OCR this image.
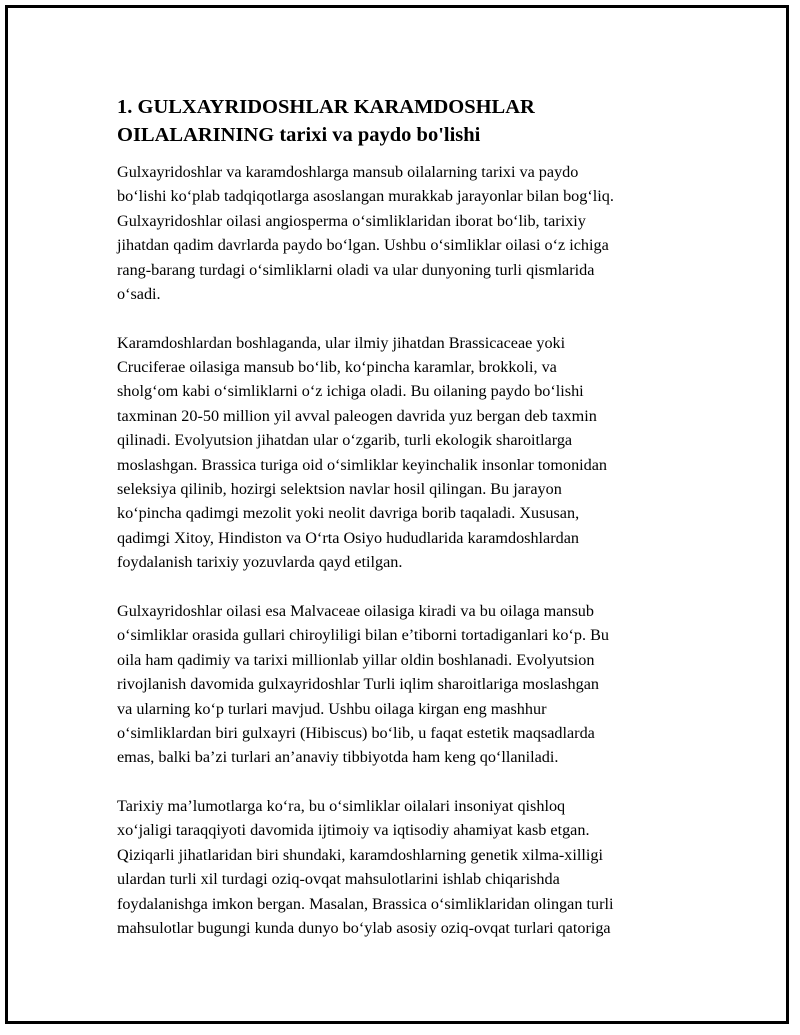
1. GULXAYRIDOSHLAR KARAMDOSHLAR
OILALARINING tarixi va paydo bo'lishi

Gulxayridoshlar va karamdoshlarga mansub oilalarning tarixi va paydo
bo‘lishi ko‘plab tadqiqotlarga asoslangan murakkab jarayonlar bilan bog‘liq.
Gulxayridoshlar oilasi angiosperma o‘simliklaridan iborat bo‘lib, tarixiy
jihatdan qadim davrlarda paydo bo‘lgan. Ushbu o‘simliklar oilasi o‘z ichiga
rang-barang turdagi o‘simliklarni oladi va ular dunyoning turli qismlarida
o‘sadi.

Karamdoshlardan boshlaganda, ular ilmiy jihatdan Brassicaceae yoki
Cruciferae oilasiga mansub bo‘lib, ko‘pincha karamlar, brokkoli, va
sholg‘om kabi o‘simliklarni o‘z ichiga oladi. Bu oilaning paydo bo‘lishi
taxminan 20-50 million yil avval paleogen davrida yuz bergan deb taxmin
qilinadi. Evolyutsion jihatdan ular o‘zgarib, turli ekologik sharoitlarga
moslashgan. Brassica turiga oid o‘simliklar keyinchalik insonlar tomonidan
seleksiya qilinib, hozirgi selektsion navlar hosil qilingan. Bu jarayon
ko‘pincha qadimgi mezolit yoki neolit davriga borib taqaladi. Xususan,
qadimgi Xitoy, Hindiston va O‘rta Osiyo hududlarida karamdoshlardan
foydalanish tarixiy yozuvlarda qayd etilgan.

Gulxayridoshlar oilasi esa Malvaceae oilasiga kiradi va bu oilaga mansub
o‘simliklar orasida gullari chiroyliligi bilan e’tiborni tortadiganlari ko‘p. Bu
oila ham qadimiy va tarixi millionlab yillar oldin boshlanadi. Evolyutsion
rivojlanish davomida gulxayridoshlar Turli iqlim sharoitlariga moslashgan
va ularning ko‘p turlari mavjud. Ushbu oilaga kirgan eng mashhur
o‘simliklardan biri gulxayri (Hibiscus) bo‘lib, u faqat estetik maqsadlarda
emas, balki ba’zi turlari an’anaviy tibbiyotda ham keng qo‘llaniladi.

Tarixiy ma’lumotlarga ko‘ra, bu o‘simliklar oilalari insoniyat qishloq
xo‘jaligi taraqqiyoti davomida ijtimoiy va iqtisodiy ahamiyat kasb etgan.
Qiziqarli jihatlaridan biri shundaki, karamdoshlarning genetik xilma-xilligi
ulardan turli xil turdagi oziq-ovqat mahsulotlarini ishlab chiqarishda
foydalanishga imkon bergan. Masalan, Brassica o‘simliklaridan olingan turli
mahsulotlar bugungi kunda dunyo bo‘ylab asosiy oziq-ovqat turlari qatoriga
